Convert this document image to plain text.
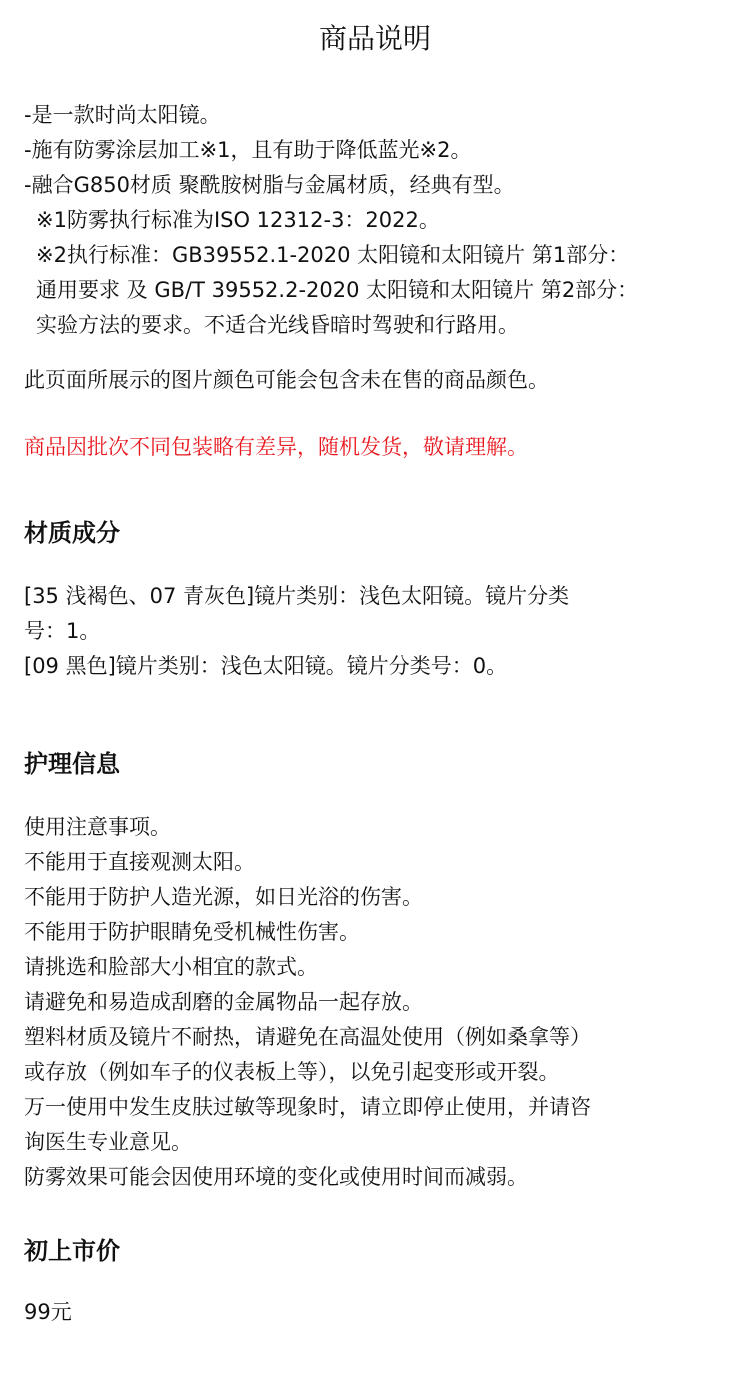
商品说明
-是一款时尚太阳镜。
-施有防雾涂层加工※1，且有助于降低蓝光※2。
-融合G850材质 聚酰胺树脂与金属材质，经典有型。
※1防雾执行标准为ISO 12312-3：2022。
※2执行标准：GB39552.1-2020 太阳镜和太阳镜片 第1部分：
通用要求 及 GB/T 39552.2-2020 太阳镜和太阳镜片 第2部分：
实验方法的要求。不适合光线昏暗时驾驶和行路用。
此页面所展示的图片颜色可能会包含未在售的商品颜色。
商品因批次不同包装略有差异，随机发货，敬请理解。
材质成分
[35 浅褐色、07 青灰色]镜片类别：浅色太阳镜。镜片分类
号：1。
[09 黑色]镜片类别：浅色太阳镜。镜片分类号：0。
护理信息
使用注意事项。
不能用于直接观测太阳。
不能用于防护人造光源，如日光浴的伤害。
不能用于防护眼睛免受机械性伤害。
请挑选和脸部大小相宜的款式。
请避免和易造成刮磨的金属物品一起存放。
塑料材质及镜片不耐热，请避免在高温处使用（例如桑拿等）
或存放（例如车子的仪表板上等），以免引起变形或开裂。
万一使用中发生皮肤过敏等现象时，请立即停止使用，并请咨
询医生专业意见。
防雾效果可能会因使用环境的变化或使用时间而减弱。
初上市价
99元
